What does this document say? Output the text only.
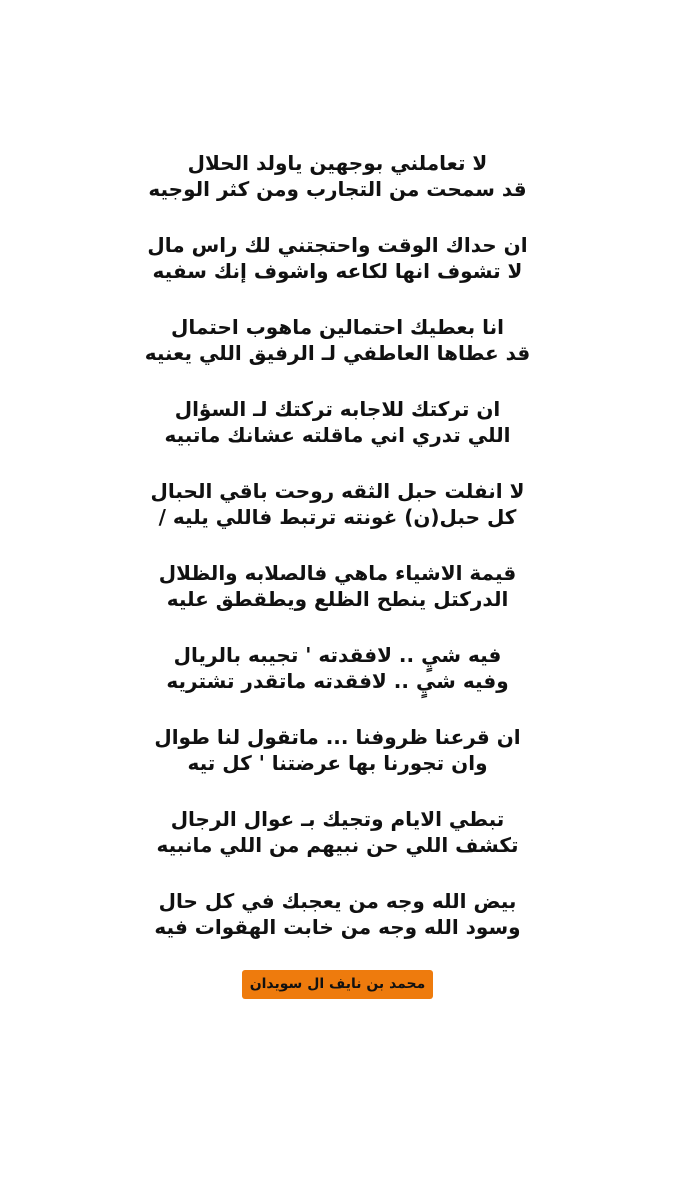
لا تعاملني بوجهين ياولد الحلال
قد سمحت من التجارب ومن كثر الوجيه
ان حداك الوقت واحتجتني لك راس مال
لا تشوف انها لكاعه واشوف إنك سفيه
انا بعطيك احتمالين ماهوب احتمال
قد عطاها العاطفي لـ الرفيق اللي يعنيه
ان تركتك للاجابه تركتك لـ السؤال
اللي تدري اني ماقلته عشانك ماتبيه
لا انفلت حبل الثقه روحت باقي الحبال
كل حبل(ن) غونته ترتبط فاللي يليه /
قيمة الاشياء ماهي فالصلابه والظلال
الدركتل ينطح الظلع ويطقطق عليه
فيه شيٍ .. لافقدته ' تجيبه بالريال
وفيه شيٍ .. لافقدته ماتقدر تشتريه
ان قرعنا ظروفنا ... ماتقول لنا طوال
وان تجورنا بها عرضتنا ' كل تيه
تبطي الايام وتجيك بـ عوال الرجال
تكشف اللي حن نبيهم من اللي مانبيه
بيض الله وجه من يعجبك في كل حال
وسود الله وجه من خابت الهقوات فيه
محمد بن نايف ال سويدان
